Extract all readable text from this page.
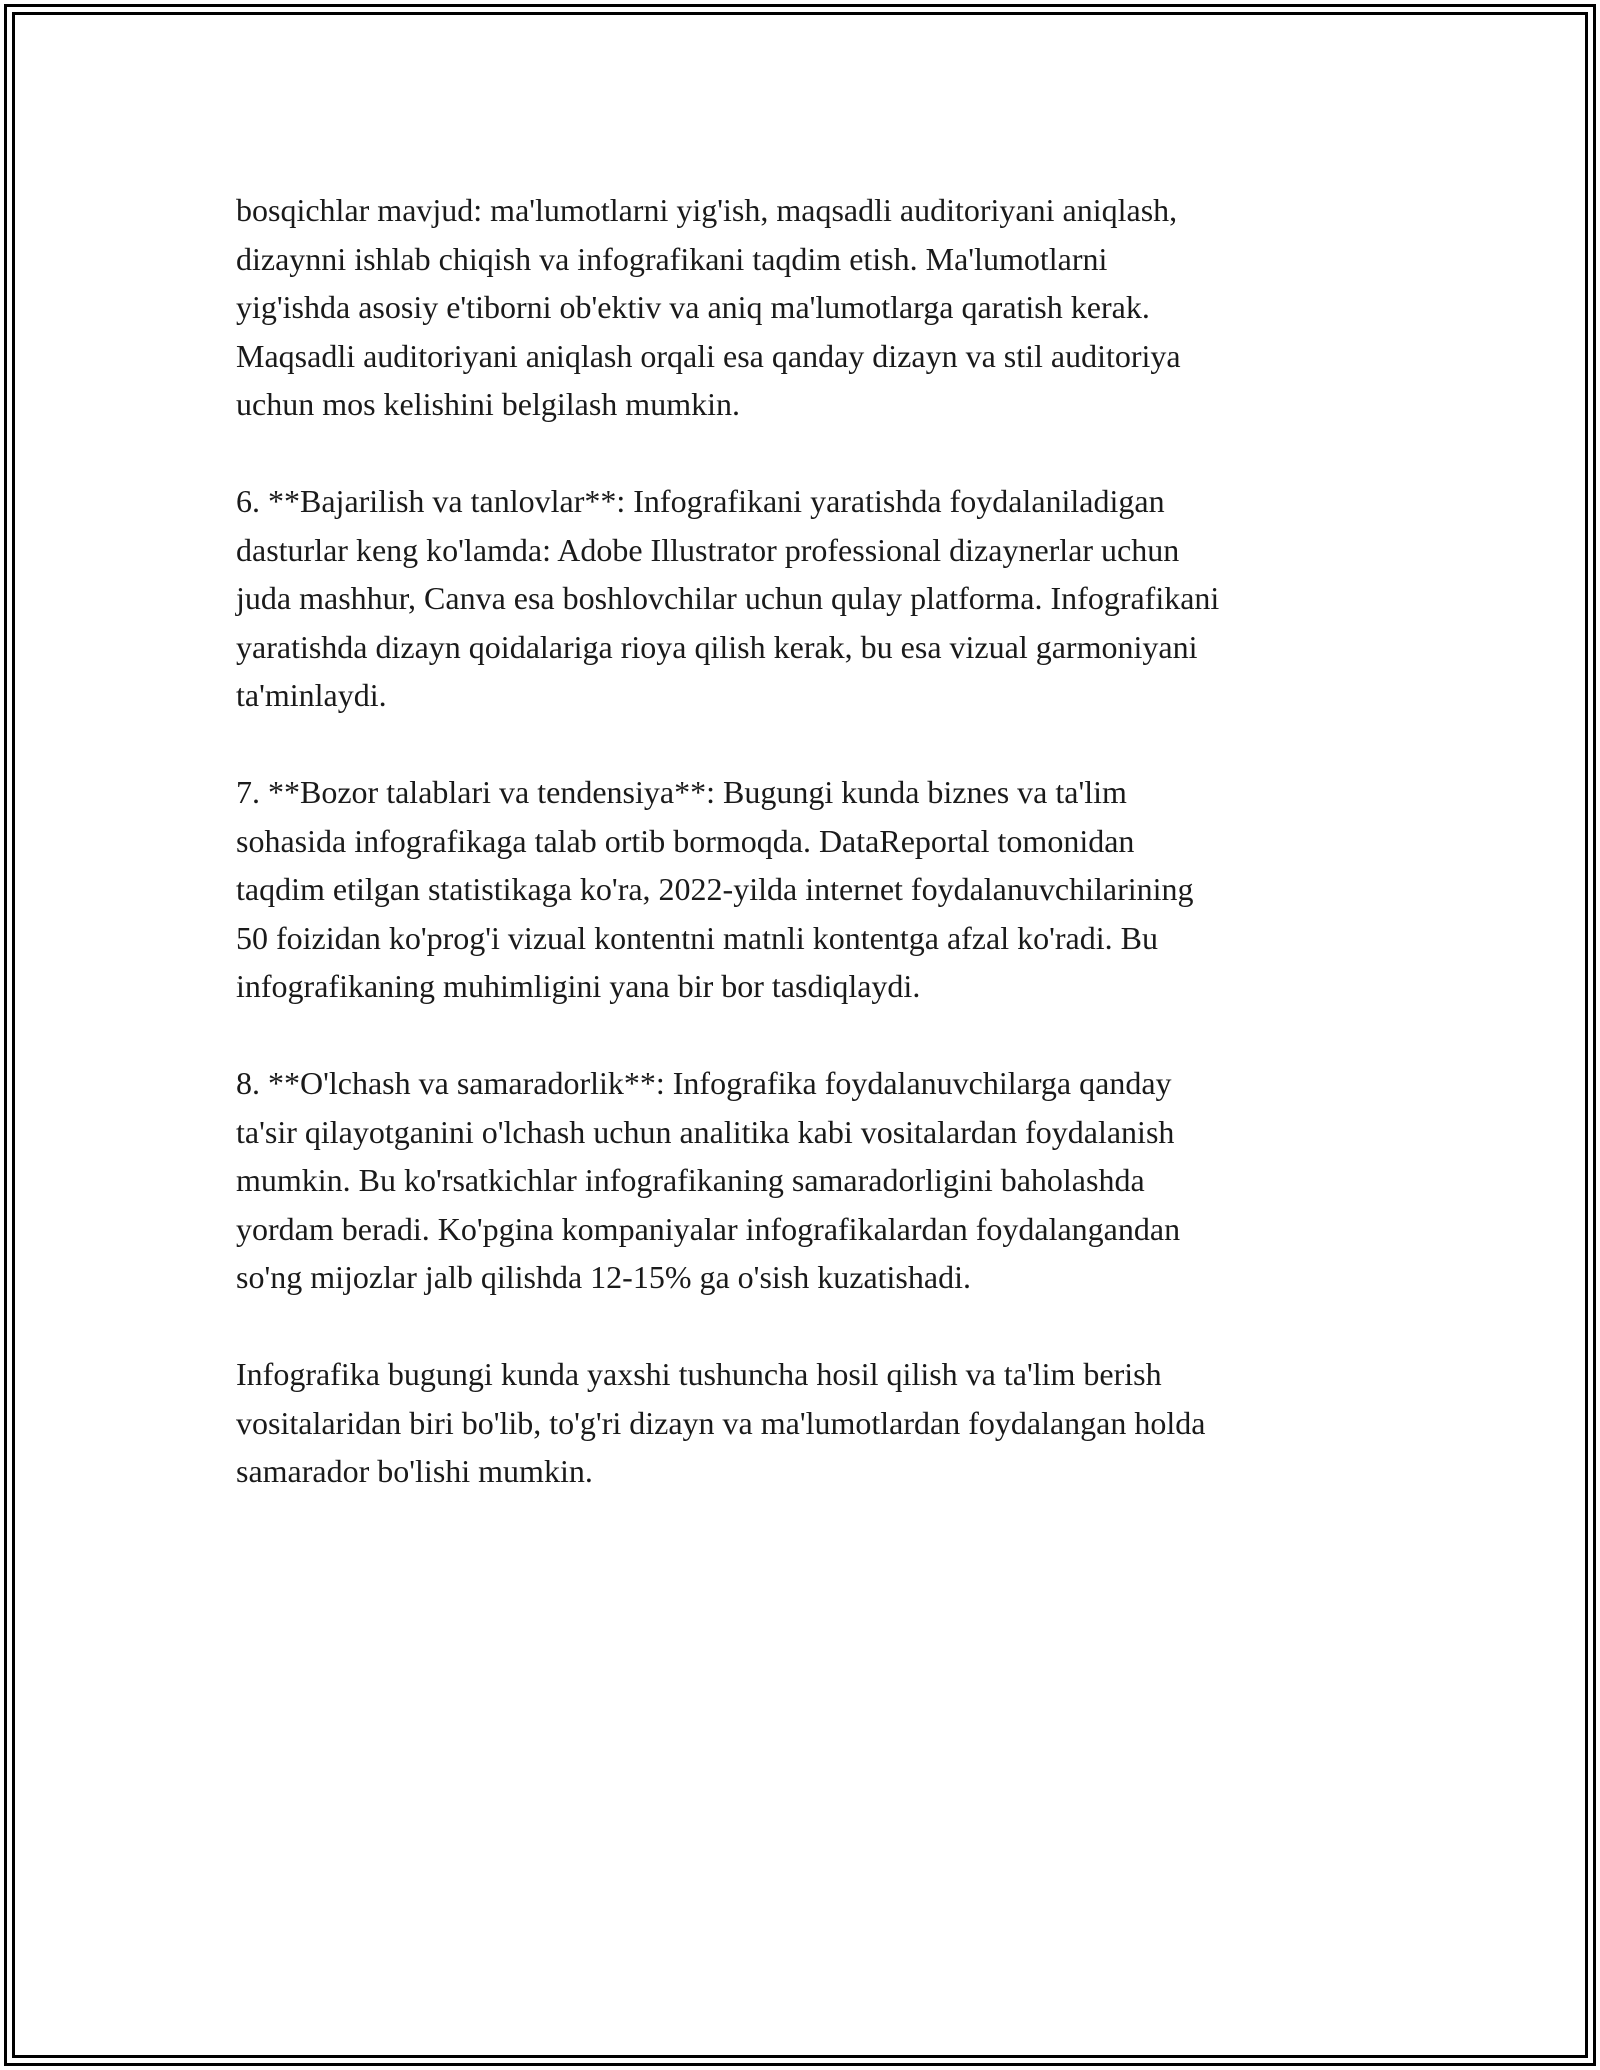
bosqichlar mavjud: ma'lumotlarni yig'ish, maqsadli auditoriyani aniqlash,
dizaynni ishlab chiqish va infografikani taqdim etish. Ma'lumotlarni
yig'ishda asosiy e'tiborni ob'ektiv va aniq ma'lumotlarga qaratish kerak.
Maqsadli auditoriyani aniqlash orqali esa qanday dizayn va stil auditoriya
uchun mos kelishini belgilash mumkin.

6. **Bajarilish va tanlovlar**: Infografikani yaratishda foydalaniladigan
dasturlar keng ko'lamda: Adobe Illustrator professional dizaynerlar uchun
juda mashhur, Canva esa boshlovchilar uchun qulay platforma. Infografikani
yaratishda dizayn qoidalariga rioya qilish kerak, bu esa vizual garmoniyani
ta'minlaydi.

7. **Bozor talablari va tendensiya**: Bugungi kunda biznes va ta'lim
sohasida infografikaga talab ortib bormoqda. DataReportal tomonidan
taqdim etilgan statistikaga ko'ra, 2022-yilda internet foydalanuvchilarining
50 foizidan ko'prog'i vizual kontentni matnli kontentga afzal ko'radi. Bu
infografikaning muhimligini yana bir bor tasdiqlaydi.

8. **O'lchash va samaradorlik**: Infografika foydalanuvchilarga qanday
ta'sir qilayotganini o'lchash uchun analitika kabi vositalardan foydalanish
mumkin. Bu ko'rsatkichlar infografikaning samaradorligini baholashda
yordam beradi. Ko'pgina kompaniyalar infografikalardan foydalangandan
so'ng mijozlar jalb qilishda 12-15% ga o'sish kuzatishadi.

Infografika bugungi kunda yaxshi tushuncha hosil qilish va ta'lim berish
vositalaridan biri bo'lib, to'g'ri dizayn va ma'lumotlardan foydalangan holda
samarador bo'lishi mumkin.
